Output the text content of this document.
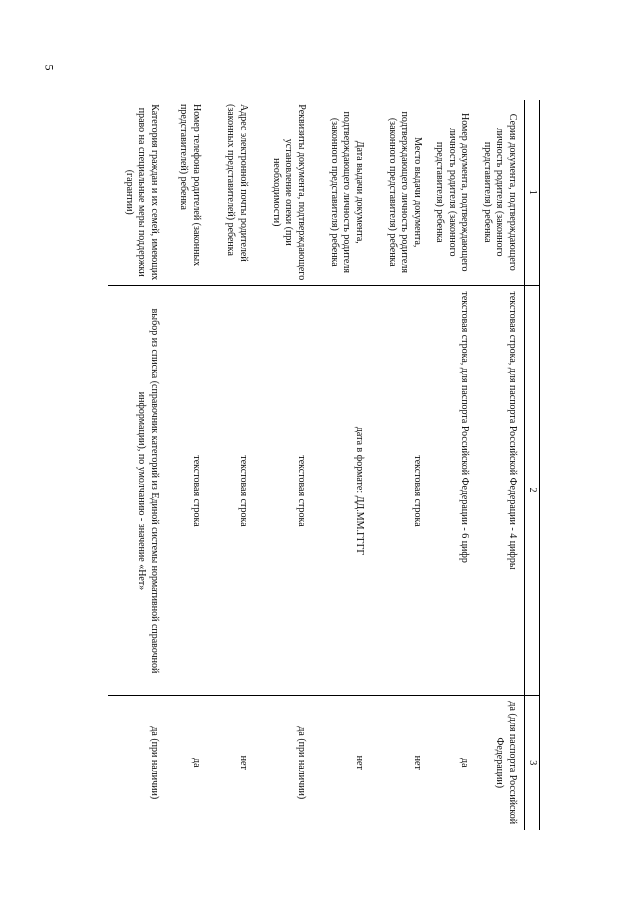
5
1	2	3
Серия документа, подтверждающего личность родителя (законного представителя) ребенка	текстовая строка, для паспорта Российской Федерации - 4 цифры	да (для паспорта Российской Федерации)
Номер документа, подтверждающего личность родителя (законного представителя) ребенка	текстовая строка, для паспорта Российской Федерации - 6 цифр	да
Место выдачи документа, подтверждающего личность родителя (законного представителя) ребенка	текстовая строка	нет
Дата выдачи документа, подтверждающего личность родителя (законного представителя) ребенка	дата в формате: ДД.ММ.ГГГГ	нет
Реквизиты документа, подтверждающего установление опеки (при необходимости)	текстовая строка	да (при наличии)
Адрес электронной почты родителей (законных представителей) ребенка	текстовая строка	нет
Номер телефона родителей (законных представителей) ребенка	текстовая строка	да
Категория граждан и их семей, имеющих право на специальные меры поддержки (гарантии)	выбор из списка (справочник категорий из Единой системы нормативной справочной информации), по умолчанию - значение «Нет»	да (при наличии)
